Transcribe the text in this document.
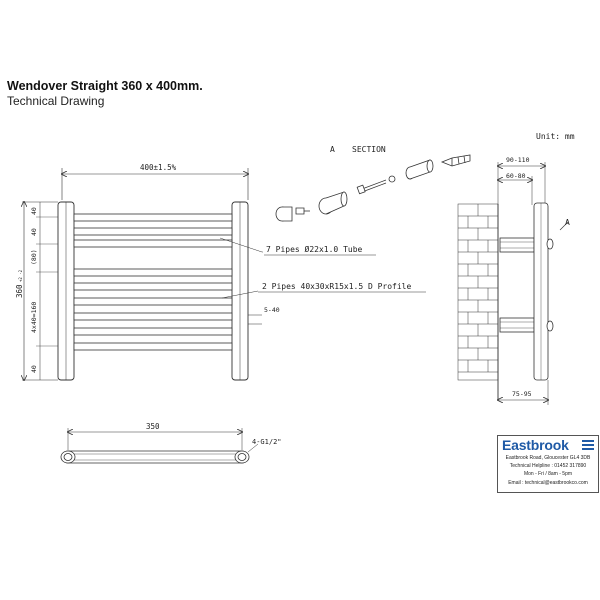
Wendover Straight 360 x 400mm.
Technical Drawing
400±1.5%
40
40
(80)
4x40=160
40
360
+2 -2
7 Pipes Ø22x1.0 Tube
2 Pipes 40x30xR15x1.5 D Profile
5-40
A SECTION
Unit: mm
90-110
60-80
75-95
A
350
4-G1/2"	Eastbrook
Eastbrook Road, Gloucester GL4 3DB
Technical Helpline : 01452 317890
Mon - Fri / 8am - 5pm
Email : technical@eastbrookco.com
